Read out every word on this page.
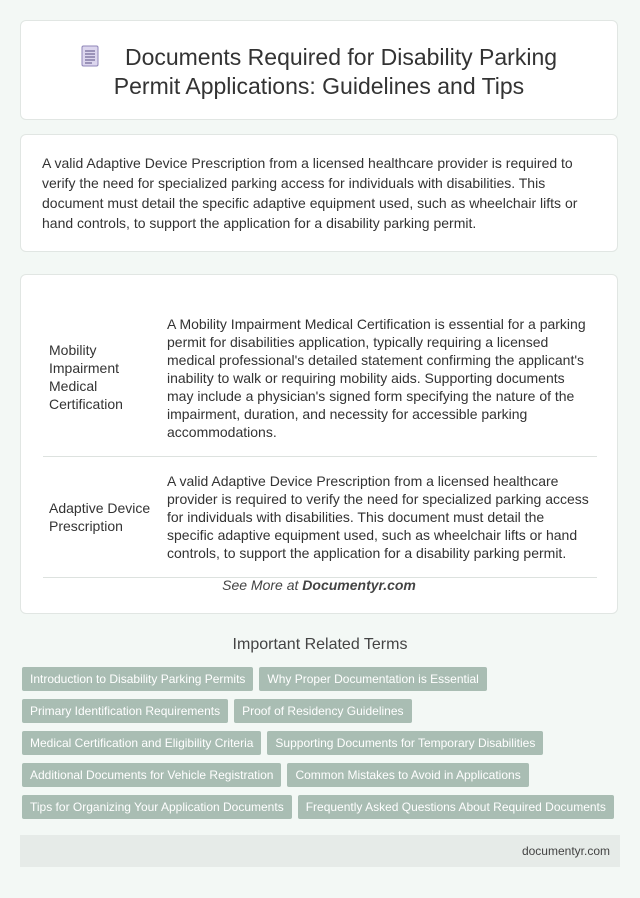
Documents Required for Disability Parking Permit Applications: Guidelines and Tips

A valid Adaptive Device Prescription from a licensed healthcare provider is required to verify the need for specialized parking access for individuals with disabilities. This document must detail the specific adaptive equipment used, such as wheelchair lifts or hand controls, to support the application for a disability parking permit.

Mobility Impairment Medical Certification	A Mobility Impairment Medical Certification is essential for a parking permit for disabilities application, typically requiring a licensed medical professional's detailed statement confirming the applicant's inability to walk or requiring mobility aids. Supporting documents may include a physician's signed form specifying the nature of the impairment, duration, and necessity for accessible parking accommodations.
Adaptive Device Prescription	A valid Adaptive Device Prescription from a licensed healthcare provider is required to verify the need for specialized parking access for individuals with disabilities. This document must detail the specific adaptive equipment used, such as wheelchair lifts or hand controls, to support the application for a disability parking permit.
See More at Documentyr.com
Important Related Terms
Introduction to Disability Parking Permits Why Proper Documentation is Essential
Primary Identification Requirements Proof of Residency Guidelines
Medical Certification and Eligibility Criteria Supporting Documents for Temporary Disabilities
Additional Documents for Vehicle Registration Common Mistakes to Avoid in Applications
Tips for Organizing Your Application Documents Frequently Asked Questions About Required Documents
documentyr.com
